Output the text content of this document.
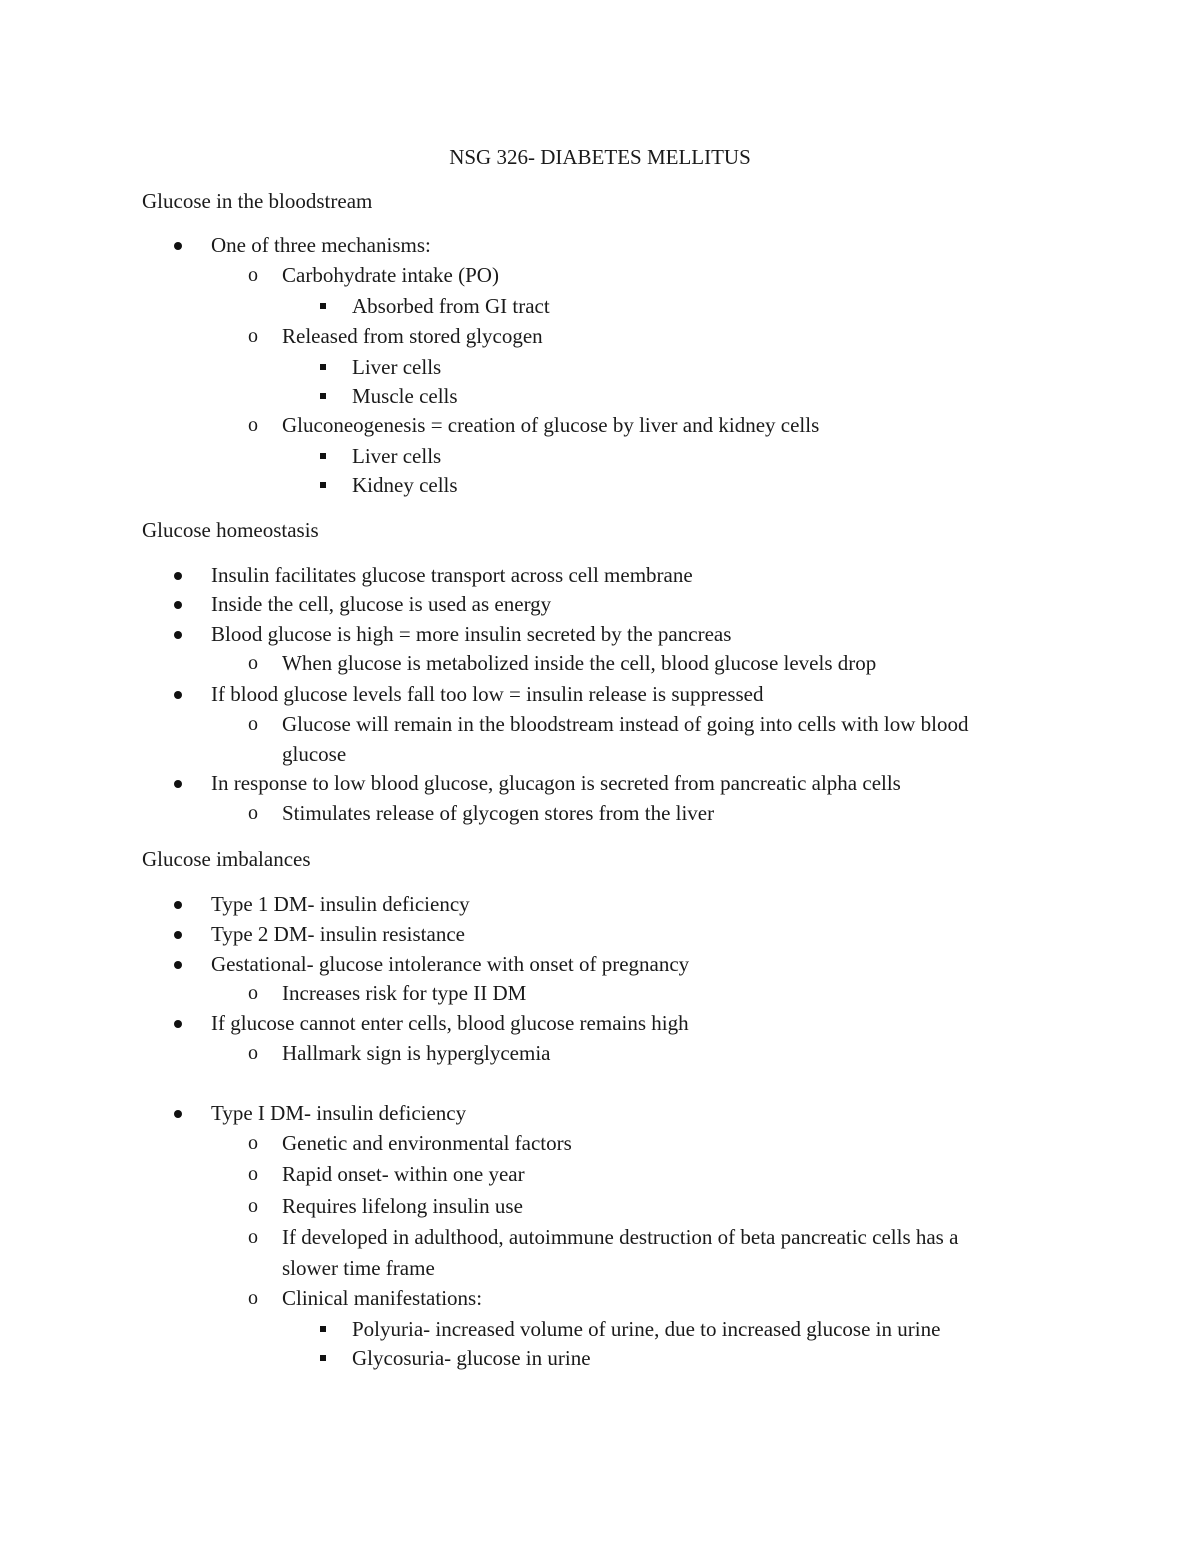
NSG 326- DIABETES MELLITUS
Glucose in the bloodstream
One of three mechanisms:
o Carbohydrate intake (PO)
Absorbed from GI tract
o Released from stored glycogen
Liver cells
Muscle cells
o Gluconeogenesis = creation of glucose by liver and kidney cells
Liver cells
Kidney cells
Glucose homeostasis
Insulin facilitates glucose transport across cell membrane
Inside the cell, glucose is used as energy
Blood glucose is high = more insulin secreted by the pancreas
o When glucose is metabolized inside the cell, blood glucose levels drop
If blood glucose levels fall too low = insulin release is suppressed
o Glucose will remain in the bloodstream instead of going into cells with low blood
glucose
In response to low blood glucose, glucagon is secreted from pancreatic alpha cells
o Stimulates release of glycogen stores from the liver
Glucose imbalances
Type 1 DM- insulin deficiency
Type 2 DM- insulin resistance
Gestational- glucose intolerance with onset of pregnancy
o Increases risk for type II DM
If glucose cannot enter cells, blood glucose remains high
o Hallmark sign is hyperglycemia
Type I DM- insulin deficiency
o Genetic and environmental factors
o Rapid onset- within one year
o Requires lifelong insulin use
o If developed in adulthood, autoimmune destruction of beta pancreatic cells has a
slower time frame
o Clinical manifestations:
Polyuria- increased volume of urine, due to increased glucose in urine
Glycosuria- glucose in urine
